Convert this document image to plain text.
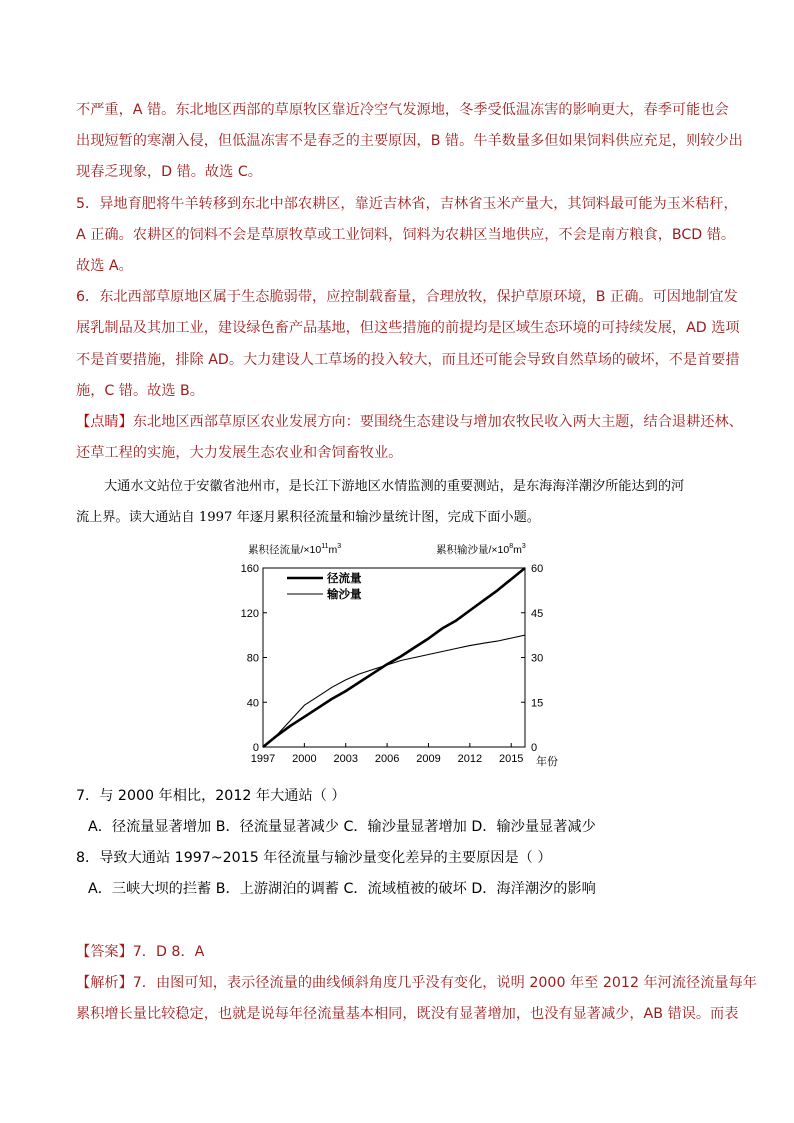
不严重，A 错。东北地区西部的草原牧区靠近冷空气发源地，冬季受低温冻害的影响更大，春季可能也会
出现短暂的寒潮入侵，但低温冻害不是春乏的主要原因，B 错。牛羊数量多但如果饲料供应充足，则较少出
现春乏现象，D 错。故选 C。
5．异地育肥将牛羊转移到东北中部农耕区，靠近吉林省，吉林省玉米产量大，其饲料最可能为玉米秸秆，
A 正确。农耕区的饲料不会是草原牧草或工业饲料，饲料为农耕区当地供应，不会是南方粮食，BCD 错。
故选 A。
6．东北西部草原地区属于生态脆弱带，应控制载畜量，合理放牧，保护草原环境，B 正确。可因地制宜发
展乳制品及其加工业，建设绿色畜产品基地，但这些措施的前提均是区域生态环境的可持续发展，AD 选项
不是首要措施，排除 AD。大力建设人工草场的投入较大，而且还可能会导致自然草场的破坏，不是首要措
施，C 错。故选 B。
【点睛】东北地区西部草原区农业发展方向：要围绕生态建设与增加农牧民收入两大主题，结合退耕还林、
还草工程的实施，大力发展生态农业和舍饲畜牧业。
大通水文站位于安徽省池州市，是长江下游地区水情监测的重要测站，是东海海洋潮汐所能达到的河
流上界。读大通站自 1997 年逐月累积径流量和输沙量统计图，完成下面小题。
累积径流量$/\times 10^{11}m^3$	累积输沙量$/\times 10^8m^3$
年份
1997 2000 2003 2006 2009 2012 2015
0
40
80
120
160
0
15
30
45
60
径流量
输沙量
7．与 2000 年相比，2012 年大通站（ ）
A．径流量显著增加 B．径流量显著减少 C．输沙量显著增加 D．输沙量显著减少
8．导致大通站 1997~2015 年径流量与输沙量变化差异的主要原因是（ ）
A．三峡大坝的拦蓄 B．上游湖泊的调蓄 C．流域植被的破坏 D．海洋潮汐的影响
【答案】7．D 8．A
【解析】7．由图可知，表示径流量的曲线倾斜角度几乎没有变化，说明 2000 年至 2012 年河流径流量每年
累积增长量比较稳定，也就是说每年径流量基本相同，既没有显著增加，也没有显著减少，AB 错误。而表
